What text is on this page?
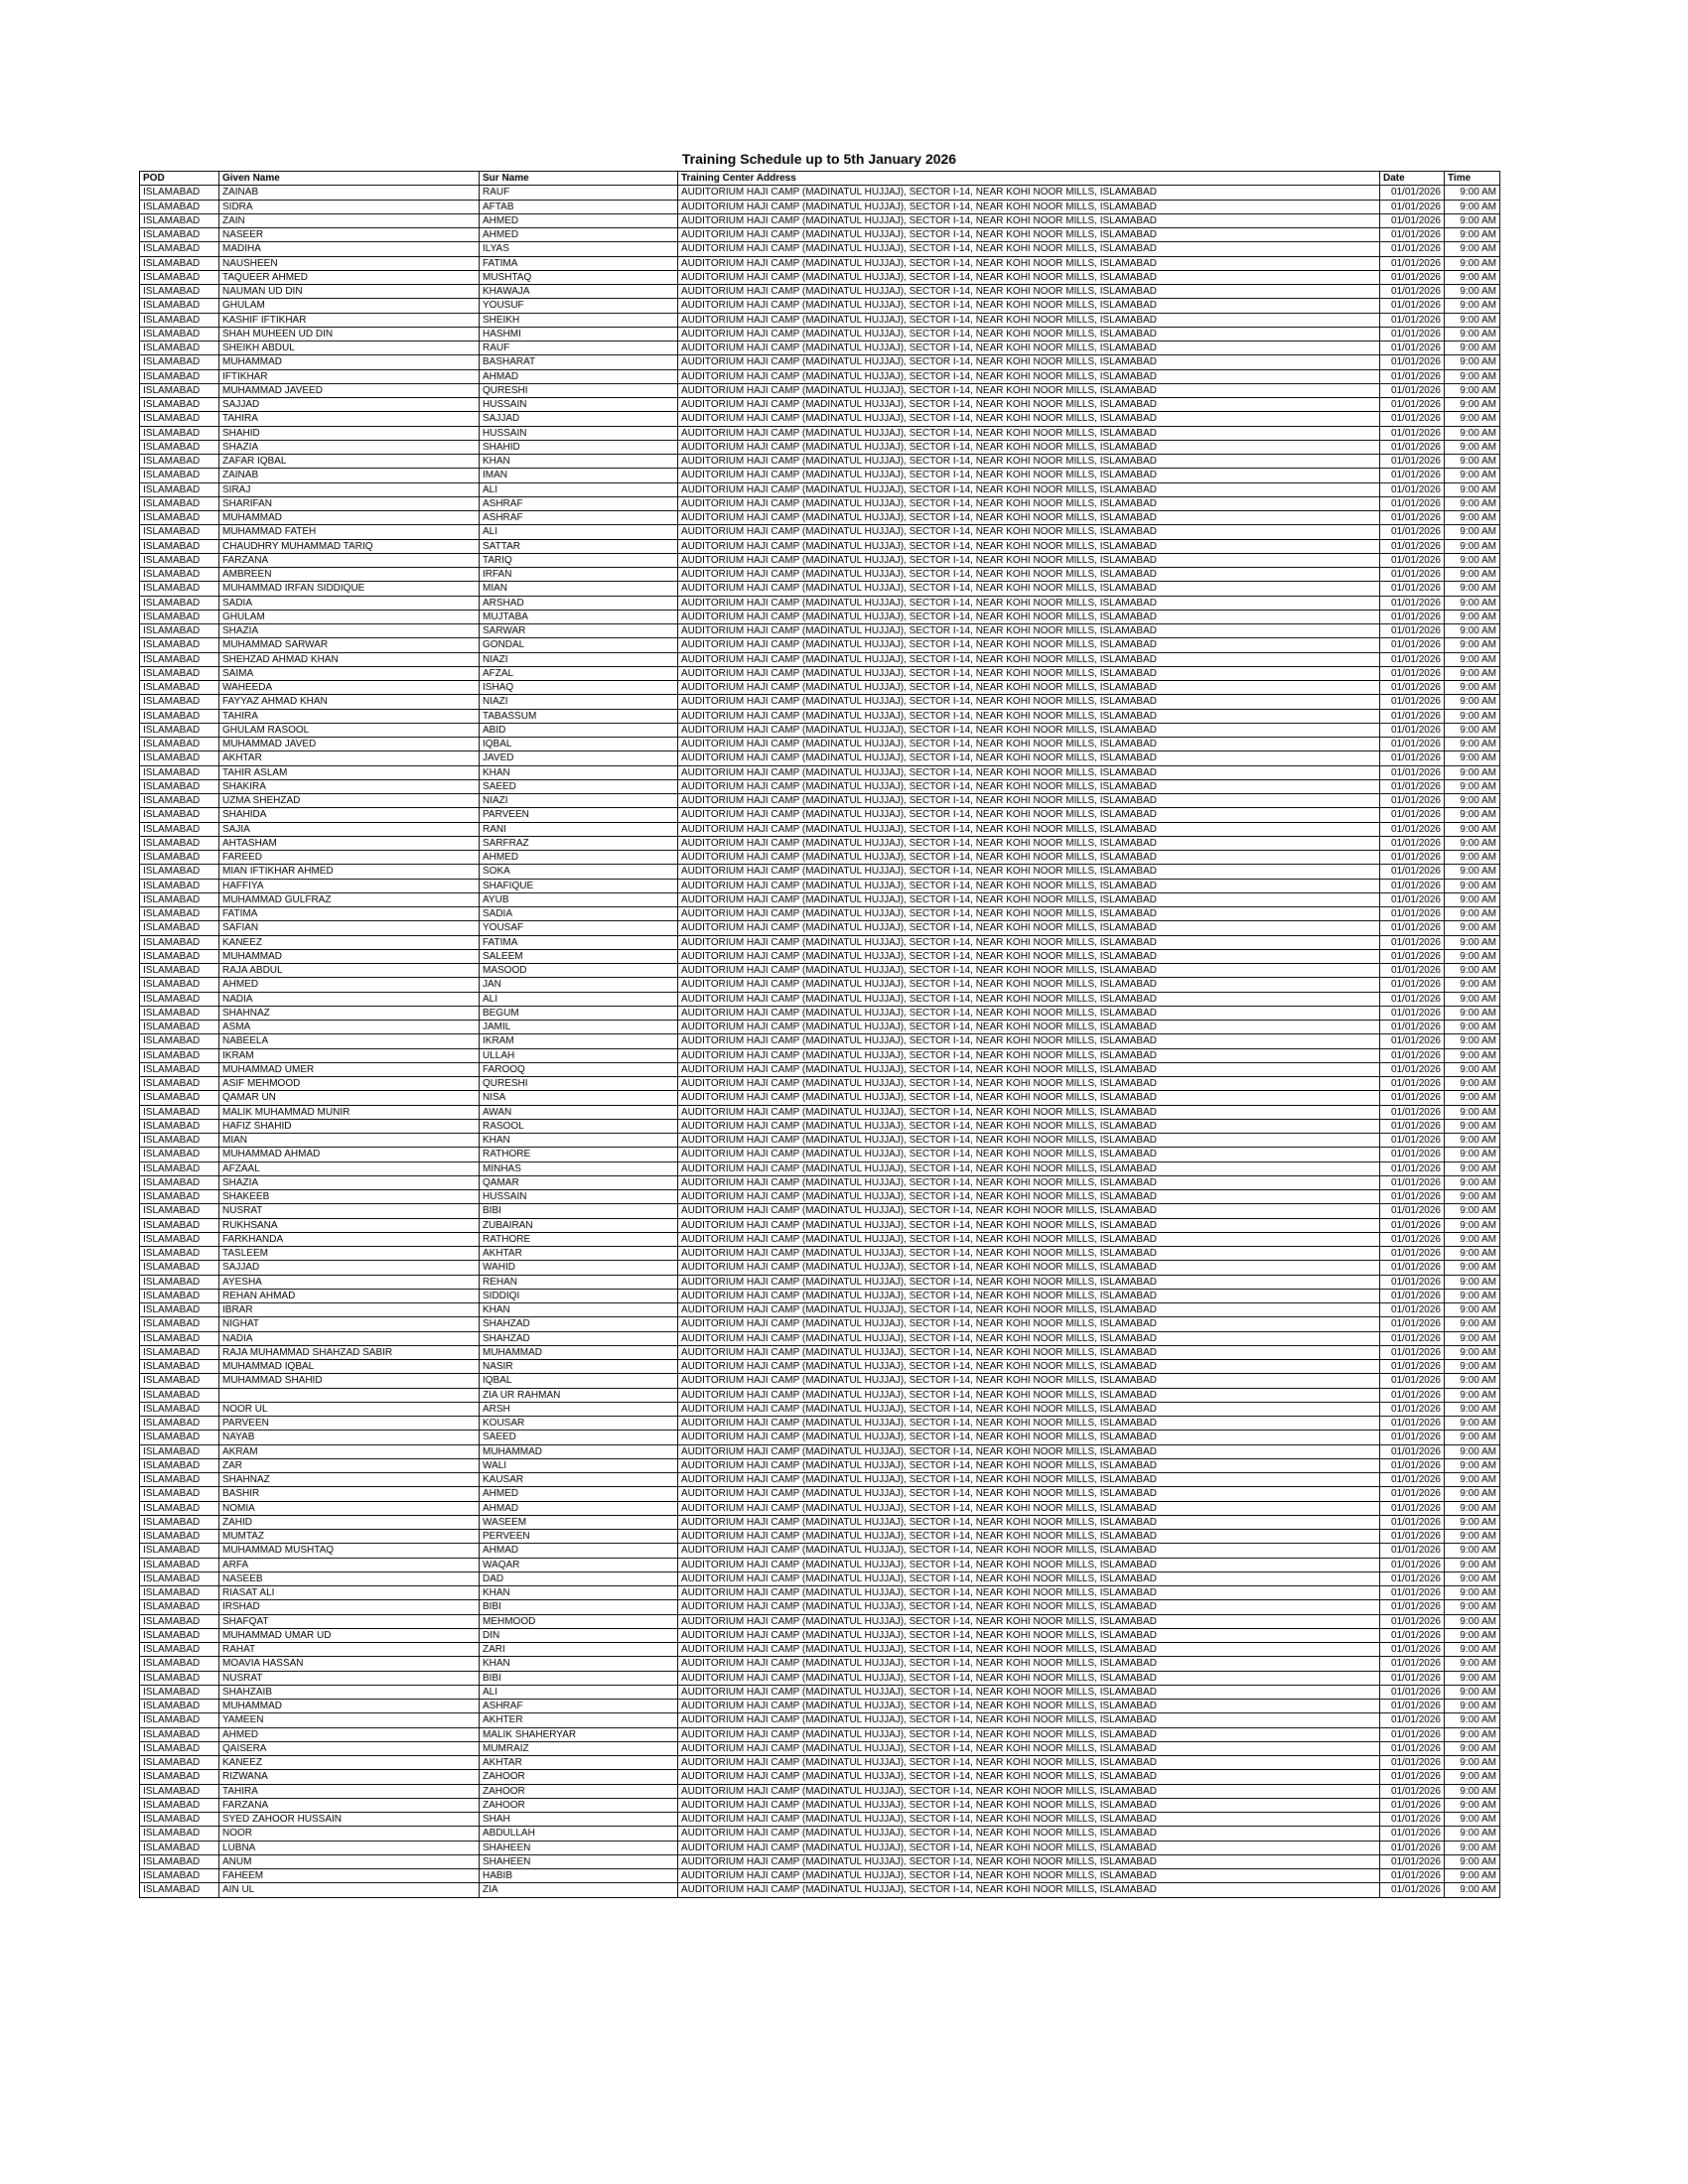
Training Schedule up to 5th January 2026
POD	Given Name	Sur Name	Training Center Address	Date	Time
ISLAMABAD	ZAINAB	RAUF	AUDITORIUM HAJI CAMP (MADINATUL HUJJAJ), SECTOR I-14, NEAR KOHI NOOR MILLS, ISLAMABAD	01/01/2026	9:00 AM
ISLAMABAD	SIDRA	AFTAB	AUDITORIUM HAJI CAMP (MADINATUL HUJJAJ), SECTOR I-14, NEAR KOHI NOOR MILLS, ISLAMABAD	01/01/2026	9:00 AM
ISLAMABAD	ZAIN	AHMED	AUDITORIUM HAJI CAMP (MADINATUL HUJJAJ), SECTOR I-14, NEAR KOHI NOOR MILLS, ISLAMABAD	01/01/2026	9:00 AM
ISLAMABAD	NASEER	AHMED	AUDITORIUM HAJI CAMP (MADINATUL HUJJAJ), SECTOR I-14, NEAR KOHI NOOR MILLS, ISLAMABAD	01/01/2026	9:00 AM
ISLAMABAD	MADIHA	ILYAS	AUDITORIUM HAJI CAMP (MADINATUL HUJJAJ), SECTOR I-14, NEAR KOHI NOOR MILLS, ISLAMABAD	01/01/2026	9:00 AM
ISLAMABAD	NAUSHEEN	FATIMA	AUDITORIUM HAJI CAMP (MADINATUL HUJJAJ), SECTOR I-14, NEAR KOHI NOOR MILLS, ISLAMABAD	01/01/2026	9:00 AM
ISLAMABAD	TAQUEER AHMED	MUSHTAQ	AUDITORIUM HAJI CAMP (MADINATUL HUJJAJ), SECTOR I-14, NEAR KOHI NOOR MILLS, ISLAMABAD	01/01/2026	9:00 AM
ISLAMABAD	NAUMAN UD DIN	KHAWAJA	AUDITORIUM HAJI CAMP (MADINATUL HUJJAJ), SECTOR I-14, NEAR KOHI NOOR MILLS, ISLAMABAD	01/01/2026	9:00 AM
ISLAMABAD	GHULAM	YOUSUF	AUDITORIUM HAJI CAMP (MADINATUL HUJJAJ), SECTOR I-14, NEAR KOHI NOOR MILLS, ISLAMABAD	01/01/2026	9:00 AM
ISLAMABAD	KASHIF IFTIKHAR	SHEIKH	AUDITORIUM HAJI CAMP (MADINATUL HUJJAJ), SECTOR I-14, NEAR KOHI NOOR MILLS, ISLAMABAD	01/01/2026	9:00 AM
ISLAMABAD	SHAH MUHEEN UD DIN	HASHMI	AUDITORIUM HAJI CAMP (MADINATUL HUJJAJ), SECTOR I-14, NEAR KOHI NOOR MILLS, ISLAMABAD	01/01/2026	9:00 AM
ISLAMABAD	SHEIKH ABDUL	RAUF	AUDITORIUM HAJI CAMP (MADINATUL HUJJAJ), SECTOR I-14, NEAR KOHI NOOR MILLS, ISLAMABAD	01/01/2026	9:00 AM
ISLAMABAD	MUHAMMAD	BASHARAT	AUDITORIUM HAJI CAMP (MADINATUL HUJJAJ), SECTOR I-14, NEAR KOHI NOOR MILLS, ISLAMABAD	01/01/2026	9:00 AM
ISLAMABAD	IFTIKHAR	AHMAD	AUDITORIUM HAJI CAMP (MADINATUL HUJJAJ), SECTOR I-14, NEAR KOHI NOOR MILLS, ISLAMABAD	01/01/2026	9:00 AM
ISLAMABAD	MUHAMMAD JAVEED	QURESHI	AUDITORIUM HAJI CAMP (MADINATUL HUJJAJ), SECTOR I-14, NEAR KOHI NOOR MILLS, ISLAMABAD	01/01/2026	9:00 AM
ISLAMABAD	SAJJAD	HUSSAIN	AUDITORIUM HAJI CAMP (MADINATUL HUJJAJ), SECTOR I-14, NEAR KOHI NOOR MILLS, ISLAMABAD	01/01/2026	9:00 AM
ISLAMABAD	TAHIRA	SAJJAD	AUDITORIUM HAJI CAMP (MADINATUL HUJJAJ), SECTOR I-14, NEAR KOHI NOOR MILLS, ISLAMABAD	01/01/2026	9:00 AM
ISLAMABAD	SHAHID	HUSSAIN	AUDITORIUM HAJI CAMP (MADINATUL HUJJAJ), SECTOR I-14, NEAR KOHI NOOR MILLS, ISLAMABAD	01/01/2026	9:00 AM
ISLAMABAD	SHAZIA	SHAHID	AUDITORIUM HAJI CAMP (MADINATUL HUJJAJ), SECTOR I-14, NEAR KOHI NOOR MILLS, ISLAMABAD	01/01/2026	9:00 AM
ISLAMABAD	ZAFAR IQBAL	KHAN	AUDITORIUM HAJI CAMP (MADINATUL HUJJAJ), SECTOR I-14, NEAR KOHI NOOR MILLS, ISLAMABAD	01/01/2026	9:00 AM
ISLAMABAD	ZAINAB	IMAN	AUDITORIUM HAJI CAMP (MADINATUL HUJJAJ), SECTOR I-14, NEAR KOHI NOOR MILLS, ISLAMABAD	01/01/2026	9:00 AM
ISLAMABAD	SIRAJ	ALI	AUDITORIUM HAJI CAMP (MADINATUL HUJJAJ), SECTOR I-14, NEAR KOHI NOOR MILLS, ISLAMABAD	01/01/2026	9:00 AM
ISLAMABAD	SHARIFAN	ASHRAF	AUDITORIUM HAJI CAMP (MADINATUL HUJJAJ), SECTOR I-14, NEAR KOHI NOOR MILLS, ISLAMABAD	01/01/2026	9:00 AM
ISLAMABAD	MUHAMMAD	ASHRAF	AUDITORIUM HAJI CAMP (MADINATUL HUJJAJ), SECTOR I-14, NEAR KOHI NOOR MILLS, ISLAMABAD	01/01/2026	9:00 AM
ISLAMABAD	MUHAMMAD FATEH	ALI	AUDITORIUM HAJI CAMP (MADINATUL HUJJAJ), SECTOR I-14, NEAR KOHI NOOR MILLS, ISLAMABAD	01/01/2026	9:00 AM
ISLAMABAD	CHAUDHRY MUHAMMAD TARIQ	SATTAR	AUDITORIUM HAJI CAMP (MADINATUL HUJJAJ), SECTOR I-14, NEAR KOHI NOOR MILLS, ISLAMABAD	01/01/2026	9:00 AM
ISLAMABAD	FARZANA	TARIQ	AUDITORIUM HAJI CAMP (MADINATUL HUJJAJ), SECTOR I-14, NEAR KOHI NOOR MILLS, ISLAMABAD	01/01/2026	9:00 AM
ISLAMABAD	AMBREEN	IRFAN	AUDITORIUM HAJI CAMP (MADINATUL HUJJAJ), SECTOR I-14, NEAR KOHI NOOR MILLS, ISLAMABAD	01/01/2026	9:00 AM
ISLAMABAD	MUHAMMAD IRFAN SIDDIQUE	MIAN	AUDITORIUM HAJI CAMP (MADINATUL HUJJAJ), SECTOR I-14, NEAR KOHI NOOR MILLS, ISLAMABAD	01/01/2026	9:00 AM
ISLAMABAD	SADIA	ARSHAD	AUDITORIUM HAJI CAMP (MADINATUL HUJJAJ), SECTOR I-14, NEAR KOHI NOOR MILLS, ISLAMABAD	01/01/2026	9:00 AM
ISLAMABAD	GHULAM	MUJTABA	AUDITORIUM HAJI CAMP (MADINATUL HUJJAJ), SECTOR I-14, NEAR KOHI NOOR MILLS, ISLAMABAD	01/01/2026	9:00 AM
ISLAMABAD	SHAZIA	SARWAR	AUDITORIUM HAJI CAMP (MADINATUL HUJJAJ), SECTOR I-14, NEAR KOHI NOOR MILLS, ISLAMABAD	01/01/2026	9:00 AM
ISLAMABAD	MUHAMMAD SARWAR	GONDAL	AUDITORIUM HAJI CAMP (MADINATUL HUJJAJ), SECTOR I-14, NEAR KOHI NOOR MILLS, ISLAMABAD	01/01/2026	9:00 AM
ISLAMABAD	SHEHZAD AHMAD KHAN	NIAZI	AUDITORIUM HAJI CAMP (MADINATUL HUJJAJ), SECTOR I-14, NEAR KOHI NOOR MILLS, ISLAMABAD	01/01/2026	9:00 AM
ISLAMABAD	SAIMA	AFZAL	AUDITORIUM HAJI CAMP (MADINATUL HUJJAJ), SECTOR I-14, NEAR KOHI NOOR MILLS, ISLAMABAD	01/01/2026	9:00 AM
ISLAMABAD	WAHEEDA	ISHAQ	AUDITORIUM HAJI CAMP (MADINATUL HUJJAJ), SECTOR I-14, NEAR KOHI NOOR MILLS, ISLAMABAD	01/01/2026	9:00 AM
ISLAMABAD	FAYYAZ AHMAD KHAN	NIAZI	AUDITORIUM HAJI CAMP (MADINATUL HUJJAJ), SECTOR I-14, NEAR KOHI NOOR MILLS, ISLAMABAD	01/01/2026	9:00 AM
ISLAMABAD	TAHIRA	TABASSUM	AUDITORIUM HAJI CAMP (MADINATUL HUJJAJ), SECTOR I-14, NEAR KOHI NOOR MILLS, ISLAMABAD	01/01/2026	9:00 AM
ISLAMABAD	GHULAM RASOOL	ABID	AUDITORIUM HAJI CAMP (MADINATUL HUJJAJ), SECTOR I-14, NEAR KOHI NOOR MILLS, ISLAMABAD	01/01/2026	9:00 AM
ISLAMABAD	MUHAMMAD JAVED	IQBAL	AUDITORIUM HAJI CAMP (MADINATUL HUJJAJ), SECTOR I-14, NEAR KOHI NOOR MILLS, ISLAMABAD	01/01/2026	9:00 AM
ISLAMABAD	AKHTAR	JAVED	AUDITORIUM HAJI CAMP (MADINATUL HUJJAJ), SECTOR I-14, NEAR KOHI NOOR MILLS, ISLAMABAD	01/01/2026	9:00 AM
ISLAMABAD	TAHIR ASLAM	KHAN	AUDITORIUM HAJI CAMP (MADINATUL HUJJAJ), SECTOR I-14, NEAR KOHI NOOR MILLS, ISLAMABAD	01/01/2026	9:00 AM
ISLAMABAD	SHAKIRA	SAEED	AUDITORIUM HAJI CAMP (MADINATUL HUJJAJ), SECTOR I-14, NEAR KOHI NOOR MILLS, ISLAMABAD	01/01/2026	9:00 AM
ISLAMABAD	UZMA SHEHZAD	NIAZI	AUDITORIUM HAJI CAMP (MADINATUL HUJJAJ), SECTOR I-14, NEAR KOHI NOOR MILLS, ISLAMABAD	01/01/2026	9:00 AM
ISLAMABAD	SHAHIDA	PARVEEN	AUDITORIUM HAJI CAMP (MADINATUL HUJJAJ), SECTOR I-14, NEAR KOHI NOOR MILLS, ISLAMABAD	01/01/2026	9:00 AM
ISLAMABAD	SAJIA	RANI	AUDITORIUM HAJI CAMP (MADINATUL HUJJAJ), SECTOR I-14, NEAR KOHI NOOR MILLS, ISLAMABAD	01/01/2026	9:00 AM
ISLAMABAD	AHTASHAM	SARFRAZ	AUDITORIUM HAJI CAMP (MADINATUL HUJJAJ), SECTOR I-14, NEAR KOHI NOOR MILLS, ISLAMABAD	01/01/2026	9:00 AM
ISLAMABAD	FAREED	AHMED	AUDITORIUM HAJI CAMP (MADINATUL HUJJAJ), SECTOR I-14, NEAR KOHI NOOR MILLS, ISLAMABAD	01/01/2026	9:00 AM
ISLAMABAD	MIAN IFTIKHAR AHMED	SOKA	AUDITORIUM HAJI CAMP (MADINATUL HUJJAJ), SECTOR I-14, NEAR KOHI NOOR MILLS, ISLAMABAD	01/01/2026	9:00 AM
ISLAMABAD	HAFFIYA	SHAFIQUE	AUDITORIUM HAJI CAMP (MADINATUL HUJJAJ), SECTOR I-14, NEAR KOHI NOOR MILLS, ISLAMABAD	01/01/2026	9:00 AM
ISLAMABAD	MUHAMMAD GULFRAZ	AYUB	AUDITORIUM HAJI CAMP (MADINATUL HUJJAJ), SECTOR I-14, NEAR KOHI NOOR MILLS, ISLAMABAD	01/01/2026	9:00 AM
ISLAMABAD	FATIMA	SADIA	AUDITORIUM HAJI CAMP (MADINATUL HUJJAJ), SECTOR I-14, NEAR KOHI NOOR MILLS, ISLAMABAD	01/01/2026	9:00 AM
ISLAMABAD	SAFIAN	YOUSAF	AUDITORIUM HAJI CAMP (MADINATUL HUJJAJ), SECTOR I-14, NEAR KOHI NOOR MILLS, ISLAMABAD	01/01/2026	9:00 AM
ISLAMABAD	KANEEZ	FATIMA	AUDITORIUM HAJI CAMP (MADINATUL HUJJAJ), SECTOR I-14, NEAR KOHI NOOR MILLS, ISLAMABAD	01/01/2026	9:00 AM
ISLAMABAD	MUHAMMAD	SALEEM	AUDITORIUM HAJI CAMP (MADINATUL HUJJAJ), SECTOR I-14, NEAR KOHI NOOR MILLS, ISLAMABAD	01/01/2026	9:00 AM
ISLAMABAD	RAJA ABDUL	MASOOD	AUDITORIUM HAJI CAMP (MADINATUL HUJJAJ), SECTOR I-14, NEAR KOHI NOOR MILLS, ISLAMABAD	01/01/2026	9:00 AM
ISLAMABAD	AHMED	JAN	AUDITORIUM HAJI CAMP (MADINATUL HUJJAJ), SECTOR I-14, NEAR KOHI NOOR MILLS, ISLAMABAD	01/01/2026	9:00 AM
ISLAMABAD	NADIA	ALI	AUDITORIUM HAJI CAMP (MADINATUL HUJJAJ), SECTOR I-14, NEAR KOHI NOOR MILLS, ISLAMABAD	01/01/2026	9:00 AM
ISLAMABAD	SHAHNAZ	BEGUM	AUDITORIUM HAJI CAMP (MADINATUL HUJJAJ), SECTOR I-14, NEAR KOHI NOOR MILLS, ISLAMABAD	01/01/2026	9:00 AM
ISLAMABAD	ASMA	JAMIL	AUDITORIUM HAJI CAMP (MADINATUL HUJJAJ), SECTOR I-14, NEAR KOHI NOOR MILLS, ISLAMABAD	01/01/2026	9:00 AM
ISLAMABAD	NABEELA	IKRAM	AUDITORIUM HAJI CAMP (MADINATUL HUJJAJ), SECTOR I-14, NEAR KOHI NOOR MILLS, ISLAMABAD	01/01/2026	9:00 AM
ISLAMABAD	IKRAM	ULLAH	AUDITORIUM HAJI CAMP (MADINATUL HUJJAJ), SECTOR I-14, NEAR KOHI NOOR MILLS, ISLAMABAD	01/01/2026	9:00 AM
ISLAMABAD	MUHAMMAD UMER	FAROOQ	AUDITORIUM HAJI CAMP (MADINATUL HUJJAJ), SECTOR I-14, NEAR KOHI NOOR MILLS, ISLAMABAD	01/01/2026	9:00 AM
ISLAMABAD	ASIF MEHMOOD	QURESHI	AUDITORIUM HAJI CAMP (MADINATUL HUJJAJ), SECTOR I-14, NEAR KOHI NOOR MILLS, ISLAMABAD	01/01/2026	9:00 AM
ISLAMABAD	QAMAR UN	NISA	AUDITORIUM HAJI CAMP (MADINATUL HUJJAJ), SECTOR I-14, NEAR KOHI NOOR MILLS, ISLAMABAD	01/01/2026	9:00 AM
ISLAMABAD	MALIK MUHAMMAD MUNIR	AWAN	AUDITORIUM HAJI CAMP (MADINATUL HUJJAJ), SECTOR I-14, NEAR KOHI NOOR MILLS, ISLAMABAD	01/01/2026	9:00 AM
ISLAMABAD	HAFIZ SHAHID	RASOOL	AUDITORIUM HAJI CAMP (MADINATUL HUJJAJ), SECTOR I-14, NEAR KOHI NOOR MILLS, ISLAMABAD	01/01/2026	9:00 AM
ISLAMABAD	MIAN	KHAN	AUDITORIUM HAJI CAMP (MADINATUL HUJJAJ), SECTOR I-14, NEAR KOHI NOOR MILLS, ISLAMABAD	01/01/2026	9:00 AM
ISLAMABAD	MUHAMMAD AHMAD	RATHORE	AUDITORIUM HAJI CAMP (MADINATUL HUJJAJ), SECTOR I-14, NEAR KOHI NOOR MILLS, ISLAMABAD	01/01/2026	9:00 AM
ISLAMABAD	AFZAAL	MINHAS	AUDITORIUM HAJI CAMP (MADINATUL HUJJAJ), SECTOR I-14, NEAR KOHI NOOR MILLS, ISLAMABAD	01/01/2026	9:00 AM
ISLAMABAD	SHAZIA	QAMAR	AUDITORIUM HAJI CAMP (MADINATUL HUJJAJ), SECTOR I-14, NEAR KOHI NOOR MILLS, ISLAMABAD	01/01/2026	9:00 AM
ISLAMABAD	SHAKEEB	HUSSAIN	AUDITORIUM HAJI CAMP (MADINATUL HUJJAJ), SECTOR I-14, NEAR KOHI NOOR MILLS, ISLAMABAD	01/01/2026	9:00 AM
ISLAMABAD	NUSRAT	BIBI	AUDITORIUM HAJI CAMP (MADINATUL HUJJAJ), SECTOR I-14, NEAR KOHI NOOR MILLS, ISLAMABAD	01/01/2026	9:00 AM
ISLAMABAD	RUKHSANA	ZUBAIRAN	AUDITORIUM HAJI CAMP (MADINATUL HUJJAJ), SECTOR I-14, NEAR KOHI NOOR MILLS, ISLAMABAD	01/01/2026	9:00 AM
ISLAMABAD	FARKHANDA	RATHORE	AUDITORIUM HAJI CAMP (MADINATUL HUJJAJ), SECTOR I-14, NEAR KOHI NOOR MILLS, ISLAMABAD	01/01/2026	9:00 AM
ISLAMABAD	TASLEEM	AKHTAR	AUDITORIUM HAJI CAMP (MADINATUL HUJJAJ), SECTOR I-14, NEAR KOHI NOOR MILLS, ISLAMABAD	01/01/2026	9:00 AM
ISLAMABAD	SAJJAD	WAHID	AUDITORIUM HAJI CAMP (MADINATUL HUJJAJ), SECTOR I-14, NEAR KOHI NOOR MILLS, ISLAMABAD	01/01/2026	9:00 AM
ISLAMABAD	AYESHA	REHAN	AUDITORIUM HAJI CAMP (MADINATUL HUJJAJ), SECTOR I-14, NEAR KOHI NOOR MILLS, ISLAMABAD	01/01/2026	9:00 AM
ISLAMABAD	REHAN AHMAD	SIDDIQI	AUDITORIUM HAJI CAMP (MADINATUL HUJJAJ), SECTOR I-14, NEAR KOHI NOOR MILLS, ISLAMABAD	01/01/2026	9:00 AM
ISLAMABAD	IBRAR	KHAN	AUDITORIUM HAJI CAMP (MADINATUL HUJJAJ), SECTOR I-14, NEAR KOHI NOOR MILLS, ISLAMABAD	01/01/2026	9:00 AM
ISLAMABAD	NIGHAT	SHAHZAD	AUDITORIUM HAJI CAMP (MADINATUL HUJJAJ), SECTOR I-14, NEAR KOHI NOOR MILLS, ISLAMABAD	01/01/2026	9:00 AM
ISLAMABAD	NADIA	SHAHZAD	AUDITORIUM HAJI CAMP (MADINATUL HUJJAJ), SECTOR I-14, NEAR KOHI NOOR MILLS, ISLAMABAD	01/01/2026	9:00 AM
ISLAMABAD	RAJA MUHAMMAD SHAHZAD SABIR	MUHAMMAD	AUDITORIUM HAJI CAMP (MADINATUL HUJJAJ), SECTOR I-14, NEAR KOHI NOOR MILLS, ISLAMABAD	01/01/2026	9:00 AM
ISLAMABAD	MUHAMMAD IQBAL	NASIR	AUDITORIUM HAJI CAMP (MADINATUL HUJJAJ), SECTOR I-14, NEAR KOHI NOOR MILLS, ISLAMABAD	01/01/2026	9:00 AM
ISLAMABAD	MUHAMMAD SHAHID	IQBAL	AUDITORIUM HAJI CAMP (MADINATUL HUJJAJ), SECTOR I-14, NEAR KOHI NOOR MILLS, ISLAMABAD	01/01/2026	9:00 AM
ISLAMABAD		ZIA UR RAHMAN	AUDITORIUM HAJI CAMP (MADINATUL HUJJAJ), SECTOR I-14, NEAR KOHI NOOR MILLS, ISLAMABAD	01/01/2026	9:00 AM
ISLAMABAD	NOOR UL	ARSH	AUDITORIUM HAJI CAMP (MADINATUL HUJJAJ), SECTOR I-14, NEAR KOHI NOOR MILLS, ISLAMABAD	01/01/2026	9:00 AM
ISLAMABAD	PARVEEN	KOUSAR	AUDITORIUM HAJI CAMP (MADINATUL HUJJAJ), SECTOR I-14, NEAR KOHI NOOR MILLS, ISLAMABAD	01/01/2026	9:00 AM
ISLAMABAD	NAYAB	SAEED	AUDITORIUM HAJI CAMP (MADINATUL HUJJAJ), SECTOR I-14, NEAR KOHI NOOR MILLS, ISLAMABAD	01/01/2026	9:00 AM
ISLAMABAD	AKRAM	MUHAMMAD	AUDITORIUM HAJI CAMP (MADINATUL HUJJAJ), SECTOR I-14, NEAR KOHI NOOR MILLS, ISLAMABAD	01/01/2026	9:00 AM
ISLAMABAD	ZAR	WALI	AUDITORIUM HAJI CAMP (MADINATUL HUJJAJ), SECTOR I-14, NEAR KOHI NOOR MILLS, ISLAMABAD	01/01/2026	9:00 AM
ISLAMABAD	SHAHNAZ	KAUSAR	AUDITORIUM HAJI CAMP (MADINATUL HUJJAJ), SECTOR I-14, NEAR KOHI NOOR MILLS, ISLAMABAD	01/01/2026	9:00 AM
ISLAMABAD	BASHIR	AHMED	AUDITORIUM HAJI CAMP (MADINATUL HUJJAJ), SECTOR I-14, NEAR KOHI NOOR MILLS, ISLAMABAD	01/01/2026	9:00 AM
ISLAMABAD	NOMIA	AHMAD	AUDITORIUM HAJI CAMP (MADINATUL HUJJAJ), SECTOR I-14, NEAR KOHI NOOR MILLS, ISLAMABAD	01/01/2026	9:00 AM
ISLAMABAD	ZAHID	WASEEM	AUDITORIUM HAJI CAMP (MADINATUL HUJJAJ), SECTOR I-14, NEAR KOHI NOOR MILLS, ISLAMABAD	01/01/2026	9:00 AM
ISLAMABAD	MUMTAZ	PERVEEN	AUDITORIUM HAJI CAMP (MADINATUL HUJJAJ), SECTOR I-14, NEAR KOHI NOOR MILLS, ISLAMABAD	01/01/2026	9:00 AM
ISLAMABAD	MUHAMMAD MUSHTAQ	AHMAD	AUDITORIUM HAJI CAMP (MADINATUL HUJJAJ), SECTOR I-14, NEAR KOHI NOOR MILLS, ISLAMABAD	01/01/2026	9:00 AM
ISLAMABAD	ARFA	WAQAR	AUDITORIUM HAJI CAMP (MADINATUL HUJJAJ), SECTOR I-14, NEAR KOHI NOOR MILLS, ISLAMABAD	01/01/2026	9:00 AM
ISLAMABAD	NASEEB	DAD	AUDITORIUM HAJI CAMP (MADINATUL HUJJAJ), SECTOR I-14, NEAR KOHI NOOR MILLS, ISLAMABAD	01/01/2026	9:00 AM
ISLAMABAD	RIASAT ALI	KHAN	AUDITORIUM HAJI CAMP (MADINATUL HUJJAJ), SECTOR I-14, NEAR KOHI NOOR MILLS, ISLAMABAD	01/01/2026	9:00 AM
ISLAMABAD	IRSHAD	BIBI	AUDITORIUM HAJI CAMP (MADINATUL HUJJAJ), SECTOR I-14, NEAR KOHI NOOR MILLS, ISLAMABAD	01/01/2026	9:00 AM
ISLAMABAD	SHAFQAT	MEHMOOD	AUDITORIUM HAJI CAMP (MADINATUL HUJJAJ), SECTOR I-14, NEAR KOHI NOOR MILLS, ISLAMABAD	01/01/2026	9:00 AM
ISLAMABAD	MUHAMMAD UMAR UD	DIN	AUDITORIUM HAJI CAMP (MADINATUL HUJJAJ), SECTOR I-14, NEAR KOHI NOOR MILLS, ISLAMABAD	01/01/2026	9:00 AM
ISLAMABAD	RAHAT	ZARI	AUDITORIUM HAJI CAMP (MADINATUL HUJJAJ), SECTOR I-14, NEAR KOHI NOOR MILLS, ISLAMABAD	01/01/2026	9:00 AM
ISLAMABAD	MOAVIA HASSAN	KHAN	AUDITORIUM HAJI CAMP (MADINATUL HUJJAJ), SECTOR I-14, NEAR KOHI NOOR MILLS, ISLAMABAD	01/01/2026	9:00 AM
ISLAMABAD	NUSRAT	BIBI	AUDITORIUM HAJI CAMP (MADINATUL HUJJAJ), SECTOR I-14, NEAR KOHI NOOR MILLS, ISLAMABAD	01/01/2026	9:00 AM
ISLAMABAD	SHAHZAIB	ALI	AUDITORIUM HAJI CAMP (MADINATUL HUJJAJ), SECTOR I-14, NEAR KOHI NOOR MILLS, ISLAMABAD	01/01/2026	9:00 AM
ISLAMABAD	MUHAMMAD	ASHRAF	AUDITORIUM HAJI CAMP (MADINATUL HUJJAJ), SECTOR I-14, NEAR KOHI NOOR MILLS, ISLAMABAD	01/01/2026	9:00 AM
ISLAMABAD	YAMEEN	AKHTER	AUDITORIUM HAJI CAMP (MADINATUL HUJJAJ), SECTOR I-14, NEAR KOHI NOOR MILLS, ISLAMABAD	01/01/2026	9:00 AM
ISLAMABAD	AHMED	MALIK SHAHERYAR	AUDITORIUM HAJI CAMP (MADINATUL HUJJAJ), SECTOR I-14, NEAR KOHI NOOR MILLS, ISLAMABAD	01/01/2026	9:00 AM
ISLAMABAD	QAISERA	MUMRAIZ	AUDITORIUM HAJI CAMP (MADINATUL HUJJAJ), SECTOR I-14, NEAR KOHI NOOR MILLS, ISLAMABAD	01/01/2026	9:00 AM
ISLAMABAD	KANEEZ	AKHTAR	AUDITORIUM HAJI CAMP (MADINATUL HUJJAJ), SECTOR I-14, NEAR KOHI NOOR MILLS, ISLAMABAD	01/01/2026	9:00 AM
ISLAMABAD	RIZWANA	ZAHOOR	AUDITORIUM HAJI CAMP (MADINATUL HUJJAJ), SECTOR I-14, NEAR KOHI NOOR MILLS, ISLAMABAD	01/01/2026	9:00 AM
ISLAMABAD	TAHIRA	ZAHOOR	AUDITORIUM HAJI CAMP (MADINATUL HUJJAJ), SECTOR I-14, NEAR KOHI NOOR MILLS, ISLAMABAD	01/01/2026	9:00 AM
ISLAMABAD	FARZANA	ZAHOOR	AUDITORIUM HAJI CAMP (MADINATUL HUJJAJ), SECTOR I-14, NEAR KOHI NOOR MILLS, ISLAMABAD	01/01/2026	9:00 AM
ISLAMABAD	SYED ZAHOOR HUSSAIN	SHAH	AUDITORIUM HAJI CAMP (MADINATUL HUJJAJ), SECTOR I-14, NEAR KOHI NOOR MILLS, ISLAMABAD	01/01/2026	9:00 AM
ISLAMABAD	NOOR	ABDULLAH	AUDITORIUM HAJI CAMP (MADINATUL HUJJAJ), SECTOR I-14, NEAR KOHI NOOR MILLS, ISLAMABAD	01/01/2026	9:00 AM
ISLAMABAD	LUBNA	SHAHEEN	AUDITORIUM HAJI CAMP (MADINATUL HUJJAJ), SECTOR I-14, NEAR KOHI NOOR MILLS, ISLAMABAD	01/01/2026	9:00 AM
ISLAMABAD	ANUM	SHAHEEN	AUDITORIUM HAJI CAMP (MADINATUL HUJJAJ), SECTOR I-14, NEAR KOHI NOOR MILLS, ISLAMABAD	01/01/2026	9:00 AM
ISLAMABAD	FAHEEM	HABIB	AUDITORIUM HAJI CAMP (MADINATUL HUJJAJ), SECTOR I-14, NEAR KOHI NOOR MILLS, ISLAMABAD	01/01/2026	9:00 AM
ISLAMABAD	AIN UL	ZIA	AUDITORIUM HAJI CAMP (MADINATUL HUJJAJ), SECTOR I-14, NEAR KOHI NOOR MILLS, ISLAMABAD	01/01/2026	9:00 AM
